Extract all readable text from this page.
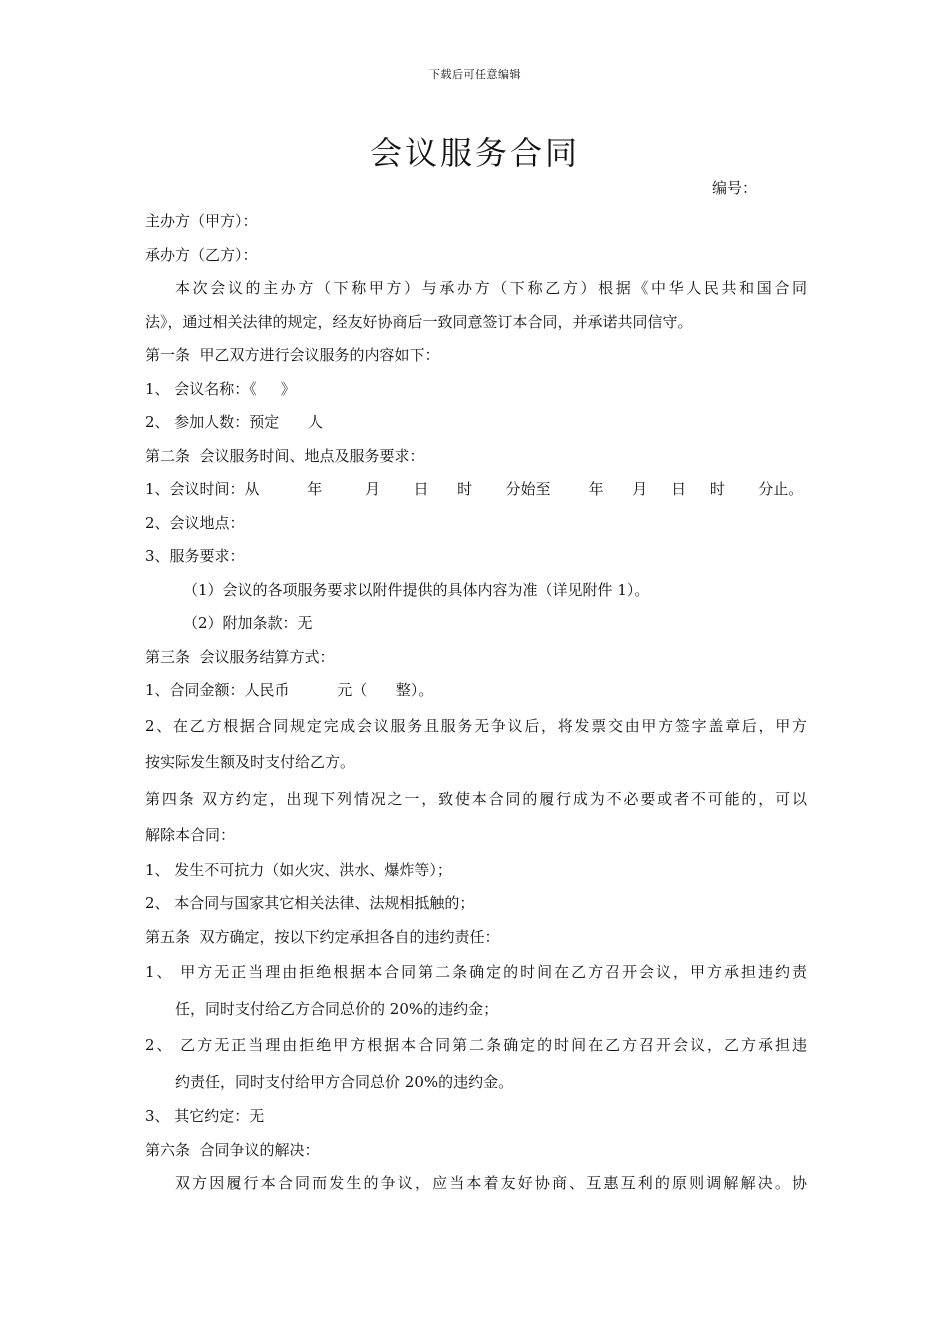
下载后可任意编辑
会议服务合同
编号：
主办方（甲方）：
承办方（乙方）：
本次会议的主办方（下称甲方）与承办方（下称乙方）根据《中华人民共和国合同
法》，通过相关法律的规定，经友好协商后一致同意签订本合同，并承诺共同信守。
第一条  甲乙双方进行会议服务的内容如下：
1、 会议名称：《     》
2、 参加人数：预定      人
第二条  会议服务时间、地点及服务要求：
1、会议时间：从          年         月       日      时       分始至        年      月     日     时       分止。
2、会议地点：
3、服务要求：
（1）会议的各项服务要求以附件提供的具体内容为准（详见附件 1）。
（2）附加条款：无
第三条  会议服务结算方式：
1、合同金额：人民币          元（      整）。
2、在乙方根据合同规定完成会议服务且服务无争议后，将发票交由甲方签字盖章后，甲方
按实际发生额及时支付给乙方。
第四条 双方约定，出现下列情况之一，致使本合同的履行成为不必要或者不可能的，可以
解除本合同：
1、 发生不可抗力（如火灾、洪水、爆炸等）；
2、 本合同与国家其它相关法律、法规相抵触的；
第五条  双方确定，按以下约定承担各自的违约责任：
1、 甲方无正当理由拒绝根据本合同第二条确定的时间在乙方召开会议，甲方承担违约责
任，同时支付给乙方合同总价的 20%的违约金；
2、 乙方无正当理由拒绝甲方根据本合同第二条确定的时间在乙方召开会议，乙方承担违
约责任，同时支付给甲方合同总价 20%的违约金。
3、 其它约定：无
第六条  合同争议的解决：
双方因履行本合同而发生的争议，应当本着友好协商、互惠互利的原则调解解决。协
